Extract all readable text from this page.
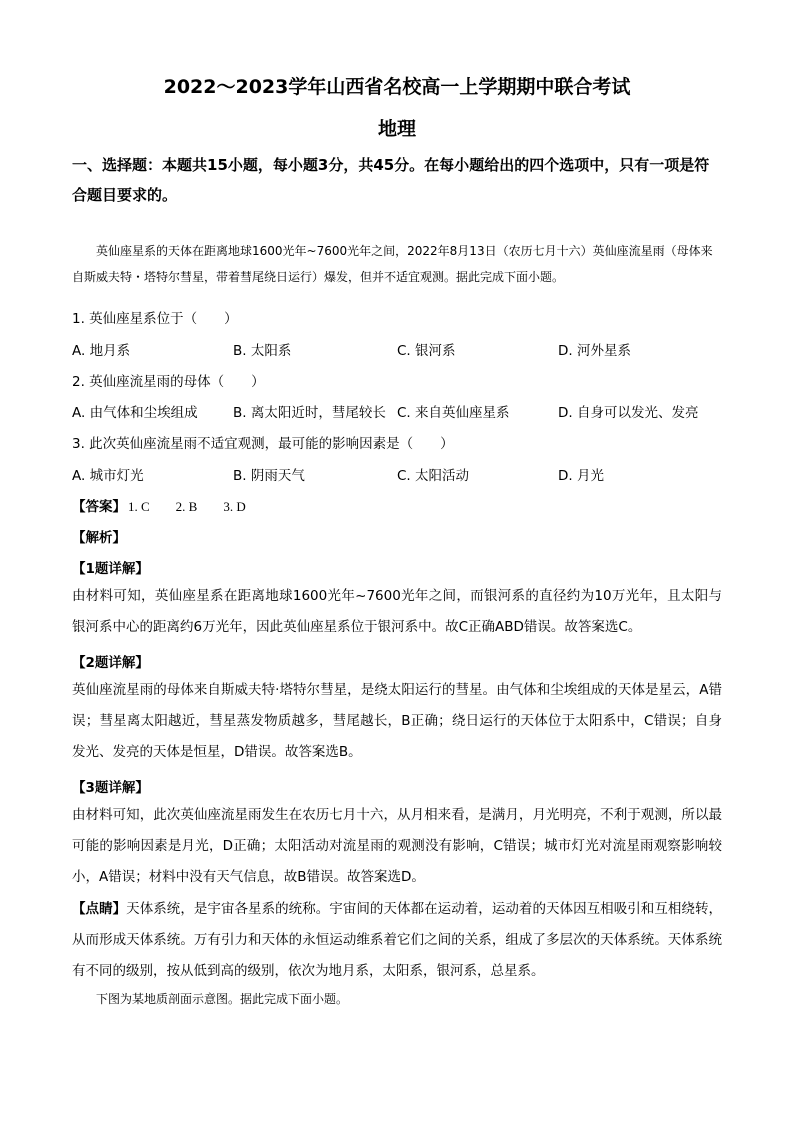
2022～2023学年山西省名校高一上学期期中联合考试
地理
一、选择题：本题共15小题，每小题3分，共45分。在每小题给出的四个选项中，只有一项是符合题目要求的。
英仙座星系的天体在距离地球1600光年~7600光年之间，2022年8月13日（农历七月十六）英仙座流星雨（母体来自斯威夫特・塔特尔彗星，带着彗尾绕日运行）爆发，但并不适宜观测。据此完成下面小题。
1. 英仙座星系位于（　　）
A. 地月系	B. 太阳系	C. 银河系	D. 河外星系
2. 英仙座流星雨的母体（　　）
A. 由气体和尘埃组成	B. 离太阳近时，彗尾较长 C. 来自英仙座星系	D. 自身可以发光、发亮
3. 此次英仙座流星雨不适宜观测，最可能的影响因素是（　　）
A. 城市灯光	B. 阴雨天气	C. 太阳活动	D. 月光
【答案】 1. C 2. B 3. D
【解析】
【1题详解】
由材料可知，英仙座星系在距离地球1600光年~7600光年之间，而银河系的直径约为10万光年，且太阳与银河系中心的距离约6万光年，因此英仙座星系位于银河系中。故C正确ABD错误。故答案选C。
【2题详解】
英仙座流星雨的母体来自斯威夫特·塔特尔彗星，是绕太阳运行的彗星。由气体和尘埃组成的天体是星云，A错误；彗星离太阳越近，彗星蒸发物质越多，彗尾越长，B正确；绕日运行的天体位于太阳系中，C错误；自身发光、发亮的天体是恒星，D错误。故答案选B。
【3题详解】
由材料可知，此次英仙座流星雨发生在农历七月十六，从月相来看，是满月，月光明亮，不利于观测，所以最可能的影响因素是月光，D正确；太阳活动对流星雨的观测没有影响，C错误；城市灯光对流星雨观察影响较小，A错误；材料中没有天气信息，故B错误。故答案选D。
【点睛】天体系统，是宇宙各星系的统称。宇宙间的天体都在运动着，运动着的天体因互相吸引和互相绕转，从而形成天体系统。万有引力和天体的永恒运动维系着它们之间的关系，组成了多层次的天体系统。天体系统有不同的级别，按从低到高的级别，依次为地月系，太阳系，银河系，总星系。
下图为某地质剖面示意图。据此完成下面小题。
